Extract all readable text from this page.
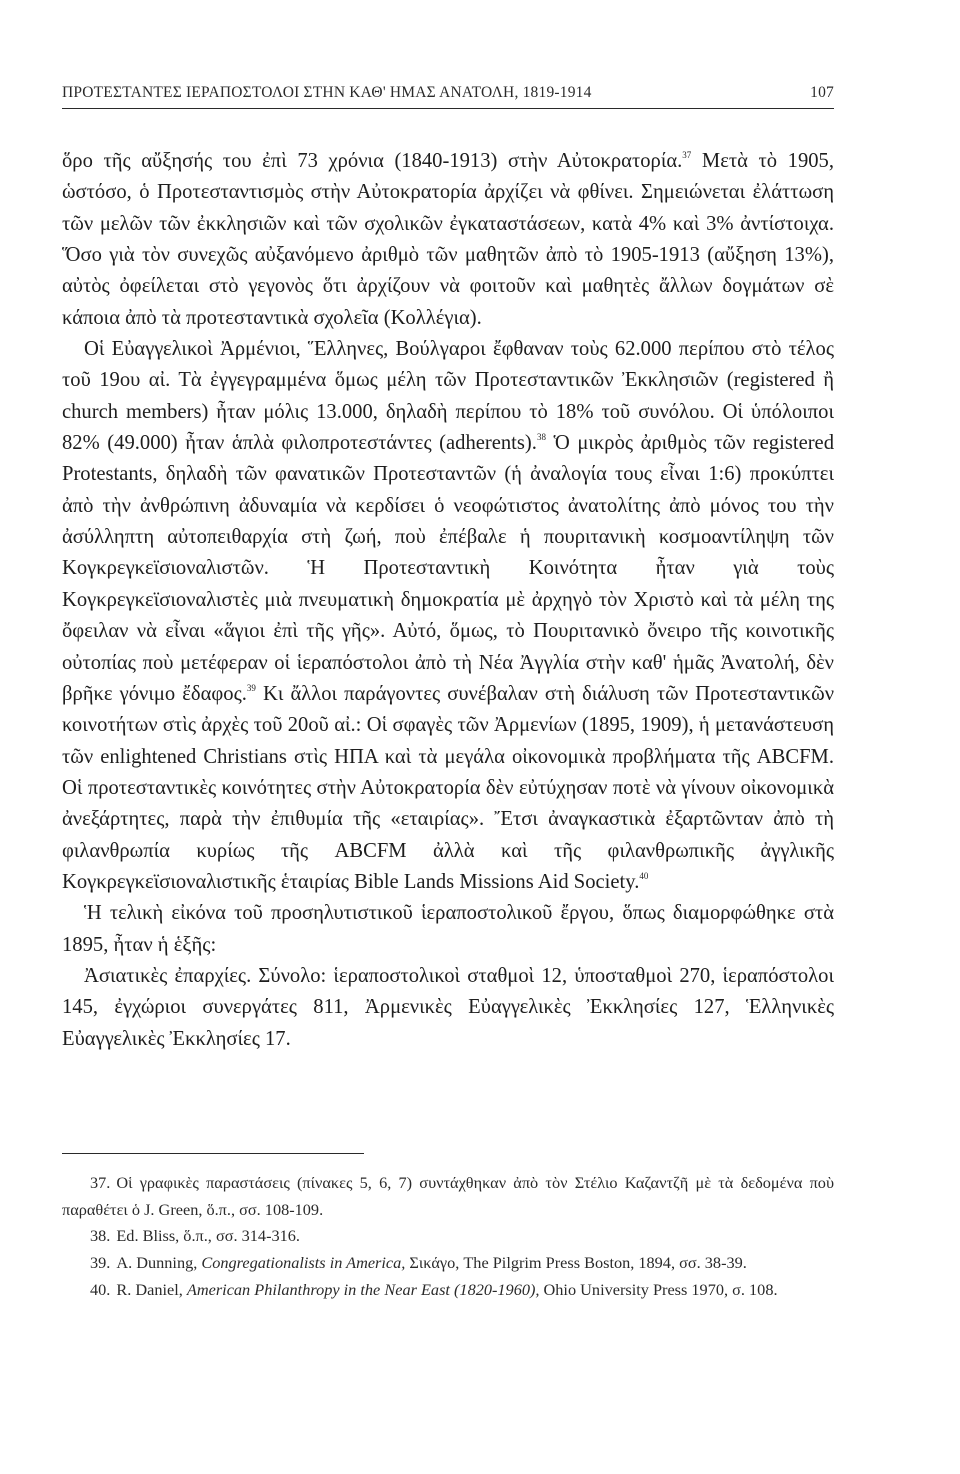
ΠΡΟΤΕΣΤΑΝΤΕΣ ΙΕΡΑΠΟΣΤΟΛΟΙ ΣΤΗΝ ΚΑΘ' ΗΜΑΣ ΑΝΑΤΟΛΗ, 1819-1914	107

ὅρο τῆς αὔξησής του ἐπὶ 73 χρόνια (1840-1913) στὴν Αὐτοκρατορία.$^{37}$ Μετὰ τὸ 1905, ὡστόσο, ὁ Προτεσταντισμὸς στὴν Αὐτοκρατορία ἀρχίζει νὰ φθίνει. Σημειώνεται ἐλάττωση τῶν μελῶν τῶν ἐκκλησιῶν καὶ τῶν σχολικῶν ἐγκαταστάσεων, κατὰ 4% καὶ 3% ἀντίστοιχα. Ὅσο γιὰ τὸν συνεχῶς αὐξανόμενο ἀριθμὸ τῶν μαθητῶν ἀπὸ τὸ 1905-1913 (αὔξηση 13%), αὐτὸς ὀφείλεται στὸ γεγονὸς ὅτι ἀρχίζουν νὰ φοιτοῦν καὶ μαθητὲς ἄλλων δογμάτων σὲ κάποια ἀπὸ τὰ προτεσταντικὰ σχολεῖα (Κολλέγια).

Οἱ Εὐαγγελικοὶ Ἀρμένιοι, Ἕλληνες, Βούλγαροι ἔφθαναν τοὺς 62.000 περίπου στὸ τέλος τοῦ 19ου αἰ. Τὰ ἐγγεγραμμένα ὅμως μέλη τῶν Προτεσταντικῶν Ἐκκλησιῶν (registered ἢ church members) ἦταν μόλις 13.000, δηλαδὴ περίπου τὸ 18% τοῦ συνόλου. Οἱ ὑπόλοιποι 82% (49.000) ἦταν ἁπλὰ φιλοπροτεστάντες (adherents).$^{38}$ Ὁ μικρὸς ἀριθμὸς τῶν registered Protestants, δηλαδὴ τῶν φανατικῶν Προτεσταντῶν (ἡ ἀναλογία τους εἶναι 1:6) προκύπτει ἀπὸ τὴν ἀνθρώπινη ἀδυναμία νὰ κερδίσει ὁ νεοφώτιστος ἀνατολίτης ἀπὸ μόνος του τὴν ἀσύλληπτη αὐτοπειθαρχία στὴ ζωή, ποὺ ἐπέβαλε ἡ πουριτανικὴ κοσμοαντίληψη τῶν Κογκρεγκεϊσιοναλιστῶν. Ἡ Προτεσταντικὴ Κοινότητα ἦταν γιὰ τοὺς Κογκρεγκεϊσιοναλιστὲς μιὰ πνευματικὴ δημοκρατία μὲ ἀρχηγὸ τὸν Χριστὸ καὶ τὰ μέλη της ὄφειλαν νὰ εἶναι «ἅγιοι ἐπὶ τῆς γῆς». Αὐτό, ὅμως, τὸ Πουριτανικὸ ὄνειρο τῆς κοινοτικῆς οὐτοπίας ποὺ μετέφεραν οἱ ἱεραπόστολοι ἀπὸ τὴ Νέα Ἀγγλία στὴν καθ' ἡμᾶς Ἀνατολή, δὲν βρῆκε γόνιμο ἔδαφος.$^{39}$ Κι ἄλλοι παράγοντες συνέβαλαν στὴ διάλυση τῶν Προτεσταντικῶν κοινοτήτων στὶς ἀρχὲς τοῦ 20οῦ αἰ.: Οἱ σφαγὲς τῶν Ἀρμενίων (1895, 1909), ἡ μετανάστευση τῶν enlightened Christians στὶς ΗΠΑ καὶ τὰ μεγάλα οἰκονομικὰ προβλήματα τῆς ABCFM. Οἱ προτεσταντικὲς κοινότητες στὴν Αὐτοκρατορία δὲν εὐτύχησαν ποτὲ νὰ γίνουν οἰκονομικὰ ἀνεξάρτητες, παρὰ τὴν ἐπιθυμία τῆς «εταιρίας». Ἔτσι ἀναγκαστικὰ ἐξαρτῶνταν ἀπὸ τὴ φιλανθρωπία κυρίως τῆς ABCFM ἀλλὰ καὶ τῆς φιλανθρωπικῆς ἀγγλικῆς Κογκρεγκεϊσιοναλιστικῆς ἑταιρίας Bible Lands Missions Aid Society.$^{40}$

Ἡ τελικὴ εἰκόνα τοῦ προσηλυτιστικοῦ ἱεραποστολικοῦ ἔργου, ὅπως διαμορφώθηκε στὰ 1895, ἦταν ἡ ἑξῆς:

Ἀσιατικὲς ἐπαρχίες. Σύνολο: ἱεραποστολικοὶ σταθμοὶ 12, ὑποσταθμοὶ 270, ἱεραπόστολοι 145, ἐγχώριοι συνεργάτες 811, Ἀρμενικὲς Εὐαγγελικὲς Ἐκκλησίες 127, Ἑλληνικὲς Εὐαγγελικὲς Ἐκκλησίες 17.

37. Οἱ γραφικὲς παραστάσεις (πίνακες 5, 6, 7) συντάχθηκαν ἀπὸ τὸν Στέλιο Καζαντζῆ μὲ τὰ δεδομένα ποὺ παραθέτει ὁ J. Green, ὅ.π., σσ. 108-109.

38. Ed. Bliss, ὅ.π., σσ. 314-316.

39. A. Dunning, Congregationalists in America, Σικάγο, The Pilgrim Press Boston, 1894, σσ. 38-39.

40. R. Daniel, American Philanthropy in the Near East (1820-1960), Ohio University Press 1970, σ. 108.
